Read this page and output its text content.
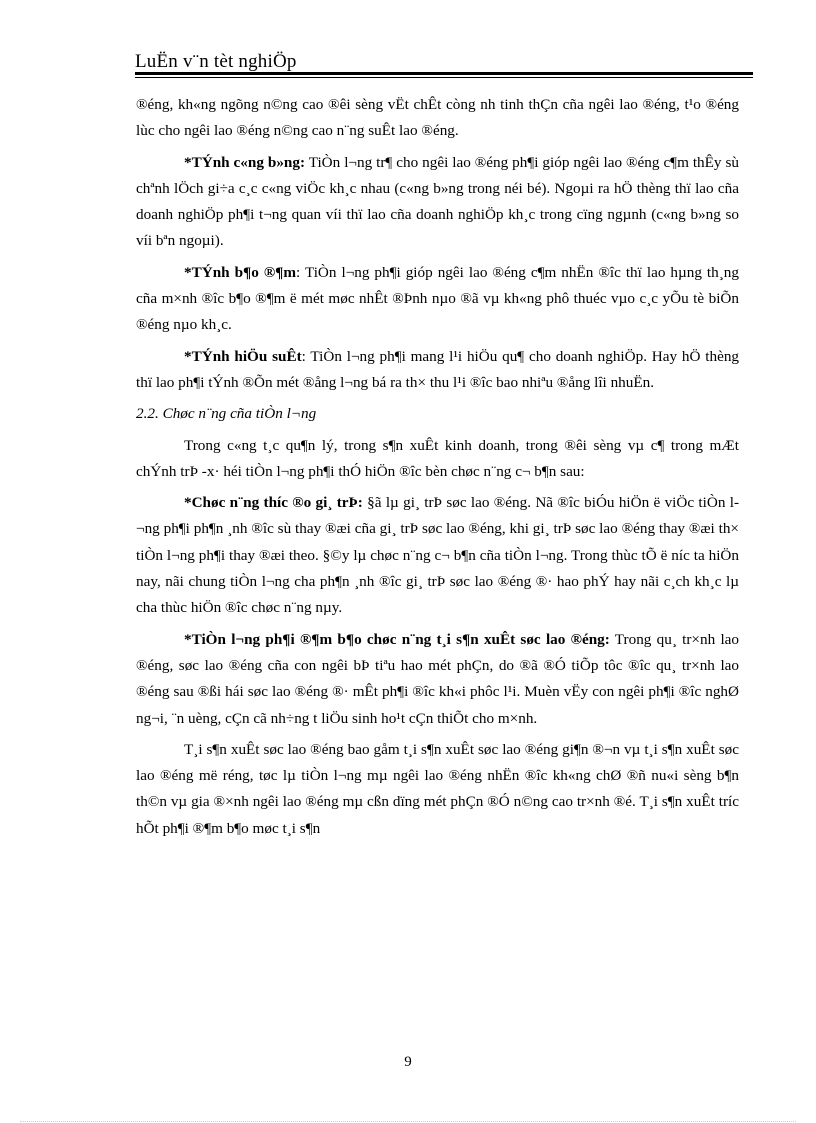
LuËn v¨n tèt nghiÖp

®éng, kh«ng ngõng n©ng cao ®êi sèng vËt chÊt còng nh tinh thÇn cña ngêi lao ®éng, t¹o ®éng lùc cho ngêi lao ®éng n©ng cao n¨ng suÊt lao ®éng.

*TÝnh c«ng b»ng: TiÒn l¬ng tr¶ cho ngêi lao ®éng ph¶i gióp ngêi lao ®éng c¶m thÊy sù chªnh lÖch gi÷a c¸c c«ng viÖc kh¸c nhau (c«ng b»ng trong néi bé). Ngoµi ra hÖ thèng thï lao cña doanh nghiÖp ph¶i t¬ng quan víi thï lao cña doanh nghiÖp kh¸c trong cïng ngµnh (c«ng b»ng so víi bªn ngoµi).

*TÝnh b¶o ®¶m: TiÒn l¬ng ph¶i gióp ngêi lao ®éng c¶m nhËn ®îc thï lao hµng th¸ng cña m×nh ®îc b¶o ®¶m ë mét møc nhÊt ®Þnh nµo ®ã vµ kh«ng phô thuéc vµo c¸c yÕu tè biÕn ®éng nµo kh¸c.

*TÝnh hiÖu suÊt: TiÒn l¬ng ph¶i mang l¹i hiÖu qu¶ cho doanh nghiÖp. Hay hÖ thèng thï lao ph¶i tÝnh ®Õn mét ®ång l¬ng bá ra th× thu l¹i ®îc bao nhiªu ®ång lîi nhuËn.

2.2. Chøc n¨ng cña tiÒn l¬ng

Trong c«ng t¸c qu¶n lý, trong s¶n xuÊt kinh doanh, trong ®êi sèng vµ c¶ trong mÆt chÝnh trÞ -x· héi tiÒn l¬ng ph¶i thÓ hiÖn ®îc bèn chøc n¨ng c¬ b¶n sau:

*Chøc n¨ng thíc ®o gi¸ trÞ: §ã lµ gi¸ trÞ søc lao ®éng. Nã ®îc biÓu hiÖn ë viÖc tiÒn l¬ng ph¶i ph¶n ¸nh ®îc sù thay ®æi cña gi¸ trÞ søc lao ®éng, khi gi¸ trÞ søc lao ®éng thay ®æi th× tiÒn l¬ng ph¶i thay ®æi theo. §©y lµ chøc n¨ng c¬ b¶n cña tiÒn l¬ng. Trong thùc tÕ ë níc ta hiÖn nay, nãi chung tiÒn l¬ng cha ph¶n ¸nh ®îc gi¸ trÞ søc lao ®éng ®· hao phÝ hay nãi c¸ch kh¸c lµ cha thùc hiÖn ®îc chøc n¨ng nµy.

*TiÒn l¬ng ph¶i ®¶m b¶o chøc n¨ng t¸i s¶n xuÊt søc lao ®éng: Trong qu¸ tr×nh lao ®éng, søc lao ®éng cña con ngêi bÞ tiªu hao mét phÇn, do ®ã ®Ó tiÕp tôc ®îc qu¸ tr×nh lao ®éng sau ®ßi hái søc lao ®éng ®· mÊt ph¶i ®îc kh«i phôc l¹i. Muèn vËy con ngêi ph¶i ®îc nghØ ng¬i, ¨n uèng, cÇn cã nh÷ng t liÖu sinh ho¹t cÇn thiÕt cho m×nh.

T¸i s¶n xuÊt søc lao ®éng bao gåm t¸i s¶n xuÊt søc lao ®éng gi¶n ®¬n vµ t¸i s¶n xuÊt søc lao ®éng më réng, tøc lµ tiÒn l¬ng mµ ngêi lao ®éng nhËn ®îc kh«ng chØ ®ñ nu«i sèng b¶n th©n vµ gia ®×nh ngêi lao ®éng mµ cßn dïng mét phÇn ®Ó n©ng cao tr×nh ®é. T¸i s¶n xuÊt tríc hÕt ph¶i ®¶m b¶o møc t¸i s¶n

9
